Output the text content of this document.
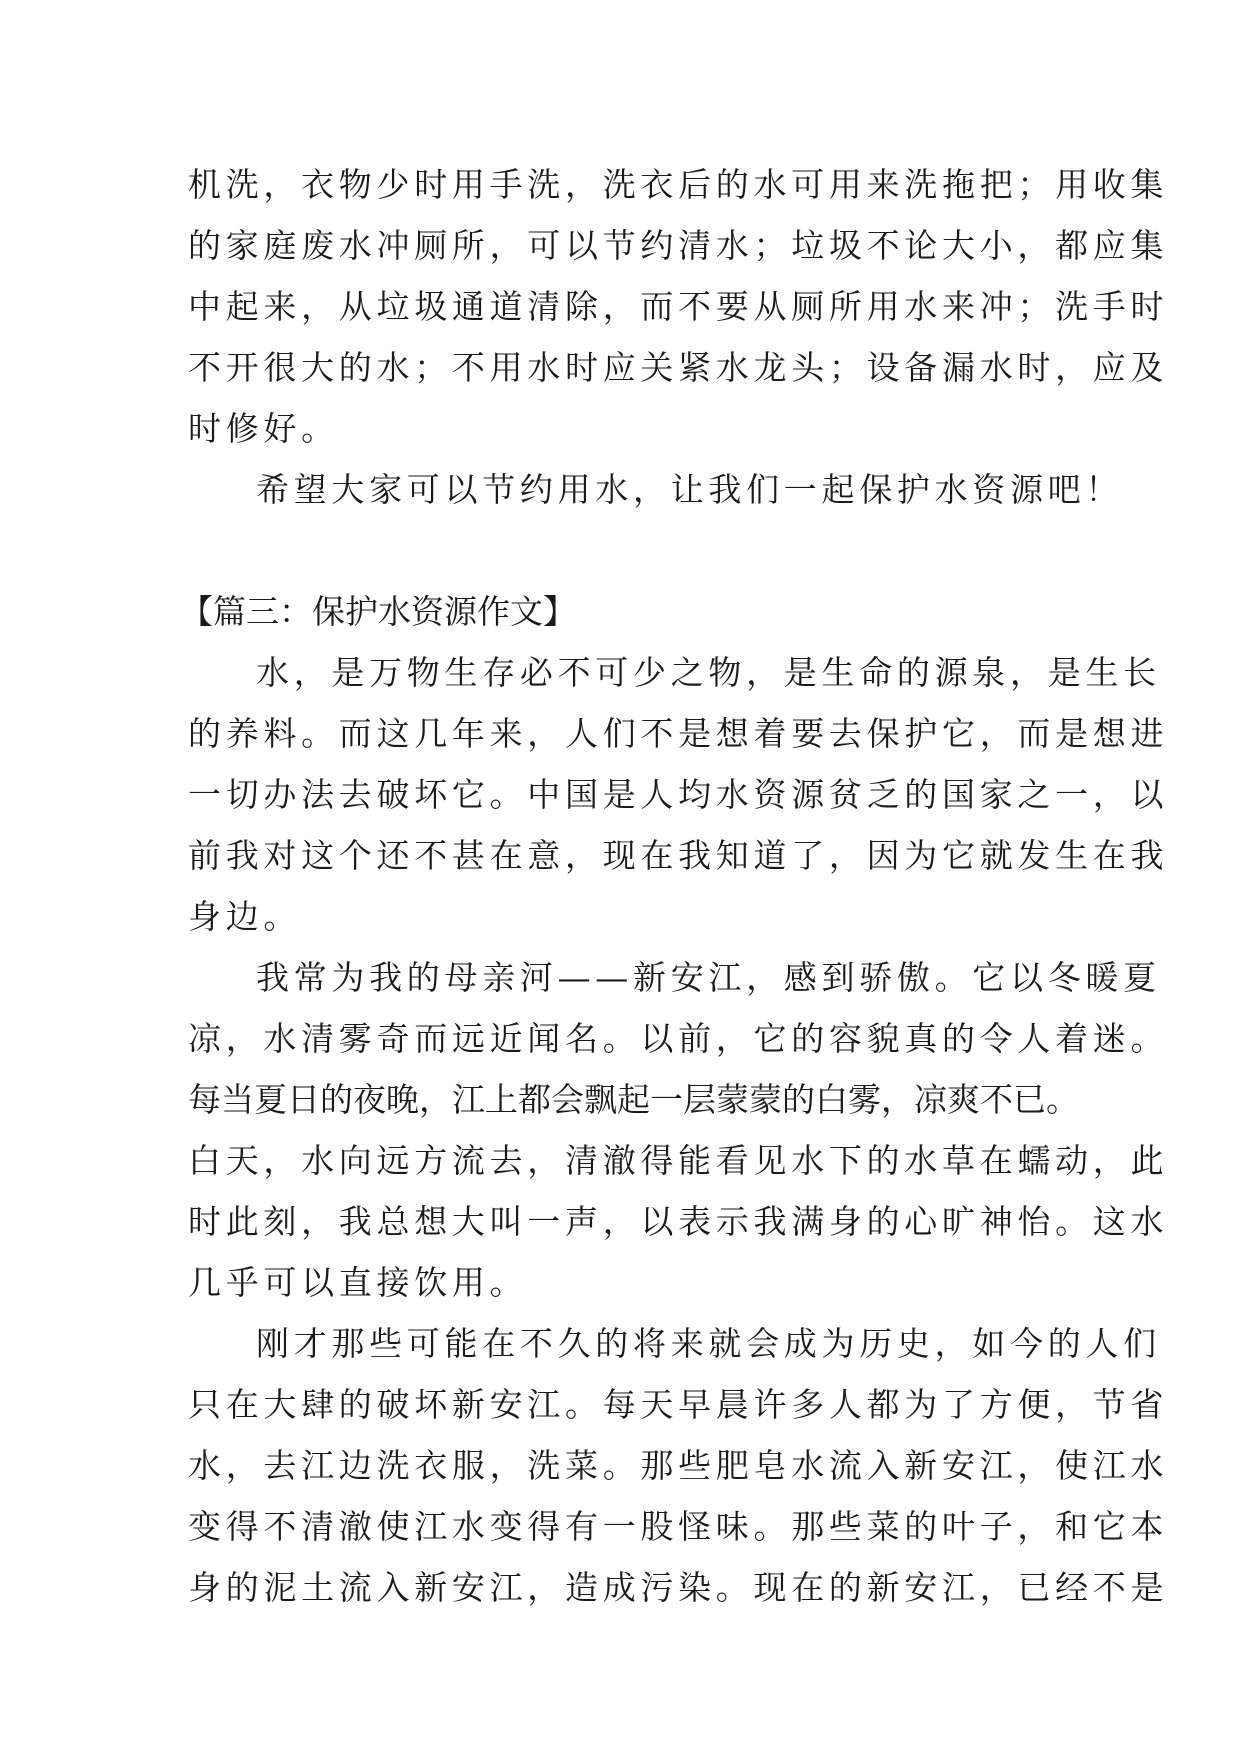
机洗，衣物少时用手洗，洗衣后的水可用来洗拖把；用收集
的家庭废水冲厕所，可以节约清水；垃圾不论大小，都应集
中起来，从垃圾通道清除，而不要从厕所用水来冲；洗手时
不开很大的水；不用水时应关紧水龙头；设备漏水时，应及
时修好。
希望大家可以节约用水，让我们一起保护水资源吧！
【篇三：保护水资源作文】
水，是万物生存必不可少之物，是生命的源泉，是生长
的养料。而这几年来，人们不是想着要去保护它，而是想进
一切办法去破坏它。中国是人均水资源贫乏的国家之一，以
前我对这个还不甚在意，现在我知道了，因为它就发生在我
身边。
我常为我的母亲河——新安江，感到骄傲。它以冬暖夏
凉，水清雾奇而远近闻名。以前，它的容貌真的令人着迷。
每当夏日的夜晚，江上都会飘起一层蒙蒙的白雾，凉爽不已。
白天，水向远方流去，清澈得能看见水下的水草在蠕动，此
时此刻，我总想大叫一声，以表示我满身的心旷神怡。这水
几乎可以直接饮用。
刚才那些可能在不久的将来就会成为历史，如今的人们
只在大肆的破坏新安江。每天早晨许多人都为了方便，节省
水，去江边洗衣服，洗菜。那些肥皂水流入新安江，使江水
变得不清澈使江水变得有一股怪味。那些菜的叶子，和它本
身的泥土流入新安江，造成污染。现在的新安江，已经不是
